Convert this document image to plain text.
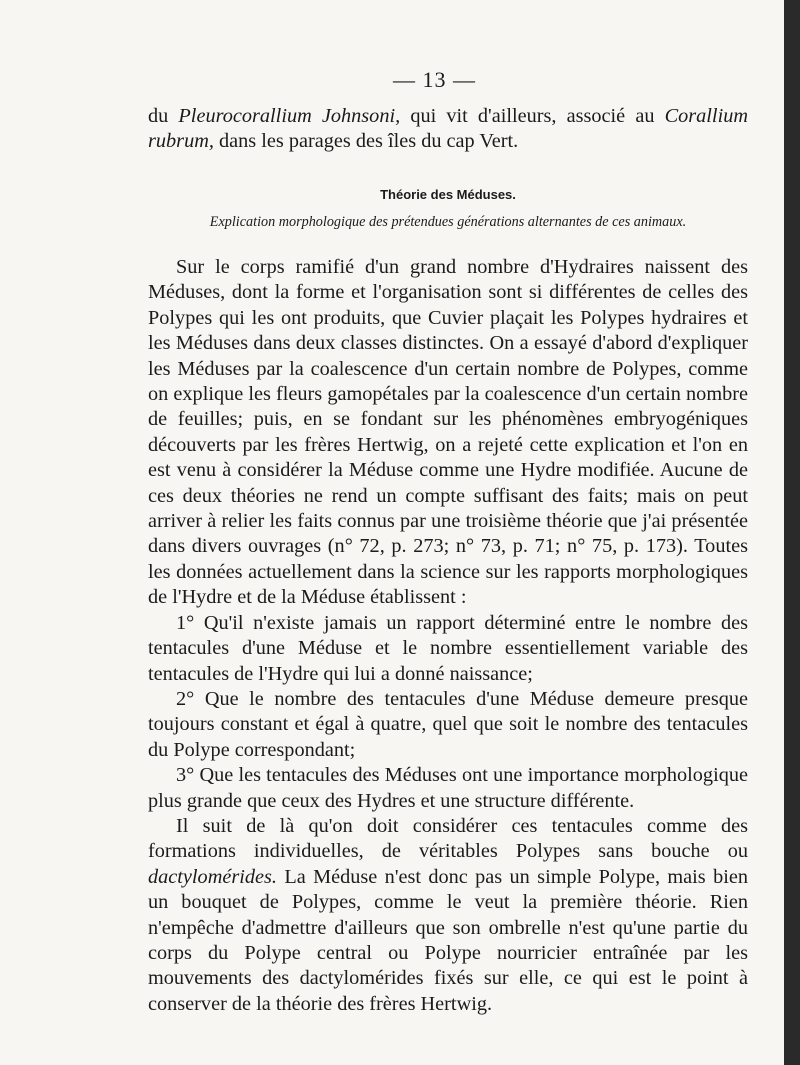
— 13 —

du Pleurocorallium Johnsoni, qui vit d'ailleurs, associé au Corallium rubrum, dans les parages des îles du cap Vert.

Théorie des Méduses.
Explication morphologique des prétendues générations alternantes de ces animaux.

Sur le corps ramifié d'un grand nombre d'Hydraires naissent des Méduses, dont la forme et l'organisation sont si différentes de celles des Polypes qui les ont produits, que Cuvier plaçait les Polypes hydraires et les Méduses dans deux classes distinctes. On a essayé d'abord d'expliquer les Méduses par la coalescence d'un certain nombre de Polypes, comme on explique les fleurs gamopétales par la coalescence d'un certain nombre de feuilles; puis, en se fondant sur les phénomènes embryogéniques découverts par les frères Hertwig, on a rejeté cette explication et l'on en est venu à considérer la Méduse comme une Hydre modifiée. Aucune de ces deux théories ne rend un compte suffisant des faits; mais on peut arriver à relier les faits connus par une troisième théorie que j'ai présentée dans divers ouvrages (n° 72, p. 273; n° 73, p. 71; n° 75, p. 173). Toutes les données actuellement dans la science sur les rapports morphologiques de l'Hydre et de la Méduse établissent :

1° Qu'il n'existe jamais un rapport déterminé entre le nombre des tentacules d'une Méduse et le nombre essentiellement variable des tentacules de l'Hydre qui lui a donné naissance;

2° Que le nombre des tentacules d'une Méduse demeure presque toujours constant et égal à quatre, quel que soit le nombre des tentacules du Polype correspondant;

3° Que les tentacules des Méduses ont une importance morphologique plus grande que ceux des Hydres et une structure différente.

Il suit de là qu'on doit considérer ces tentacules comme des formations individuelles, de véritables Polypes sans bouche ou dactylomérides. La Méduse n'est donc pas un simple Polype, mais bien un bouquet de Polypes, comme le veut la première théorie. Rien n'empêche d'admettre d'ailleurs que son ombrelle n'est qu'une partie du corps du Polype central ou Polype nourricier entraînée par les mouvements des dactylomérides fixés sur elle, ce qui est le point à conserver de la théorie des frères Hertwig.
